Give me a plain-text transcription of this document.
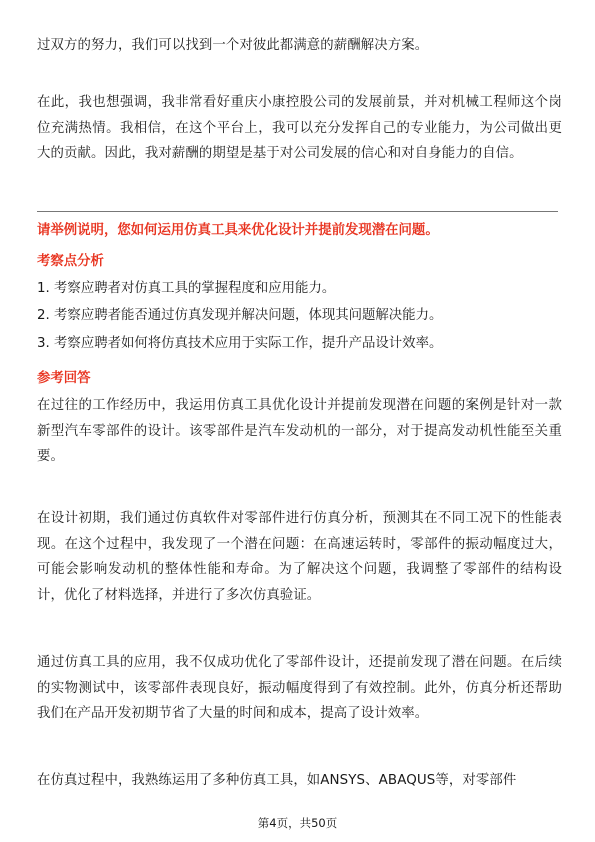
过双方的努力，我们可以找到一个对彼此都满意的薪酬解决方案。

在此，我也想强调，我非常看好重庆小康控股公司的发展前景，并对机械工程师这个岗位充满热情。我相信，在这个平台上，我可以充分发挥自己的专业能力，为公司做出更大的贡献。因此，我对薪酬的期望是基于对公司发展的信心和对自身能力的自信。

请举例说明，您如何运用仿真工具来优化设计并提前发现潜在问题。

考察点分析

1. 考察应聘者对仿真工具的掌握程度和应用能力。

2. 考察应聘者能否通过仿真发现并解决问题，体现其问题解决能力。

3. 考察应聘者如何将仿真技术应用于实际工作，提升产品设计效率。

参考回答

在过往的工作经历中，我运用仿真工具优化设计并提前发现潜在问题的案例是针对一款新型汽车零部件的设计。该零部件是汽车发动机的一部分，对于提高发动机性能至关重要。

在设计初期，我们通过仿真软件对零部件进行仿真分析，预测其在不同工况下的性能表现。在这个过程中，我发现了一个潜在问题：在高速运转时，零部件的振动幅度过大，可能会影响发动机的整体性能和寿命。为了解决这个问题，我调整了零部件的结构设计，优化了材料选择，并进行了多次仿真验证。

通过仿真工具的应用，我不仅成功优化了零部件设计，还提前发现了潜在问题。在后续的实物测试中，该零部件表现良好，振动幅度得到了有效控制。此外，仿真分析还帮助我们在产品开发初期节省了大量的时间和成本，提高了设计效率。

在仿真过程中，我熟练运用了多种仿真工具，如ANSYS、ABAQUS等，对零部件

第4页，共50页
